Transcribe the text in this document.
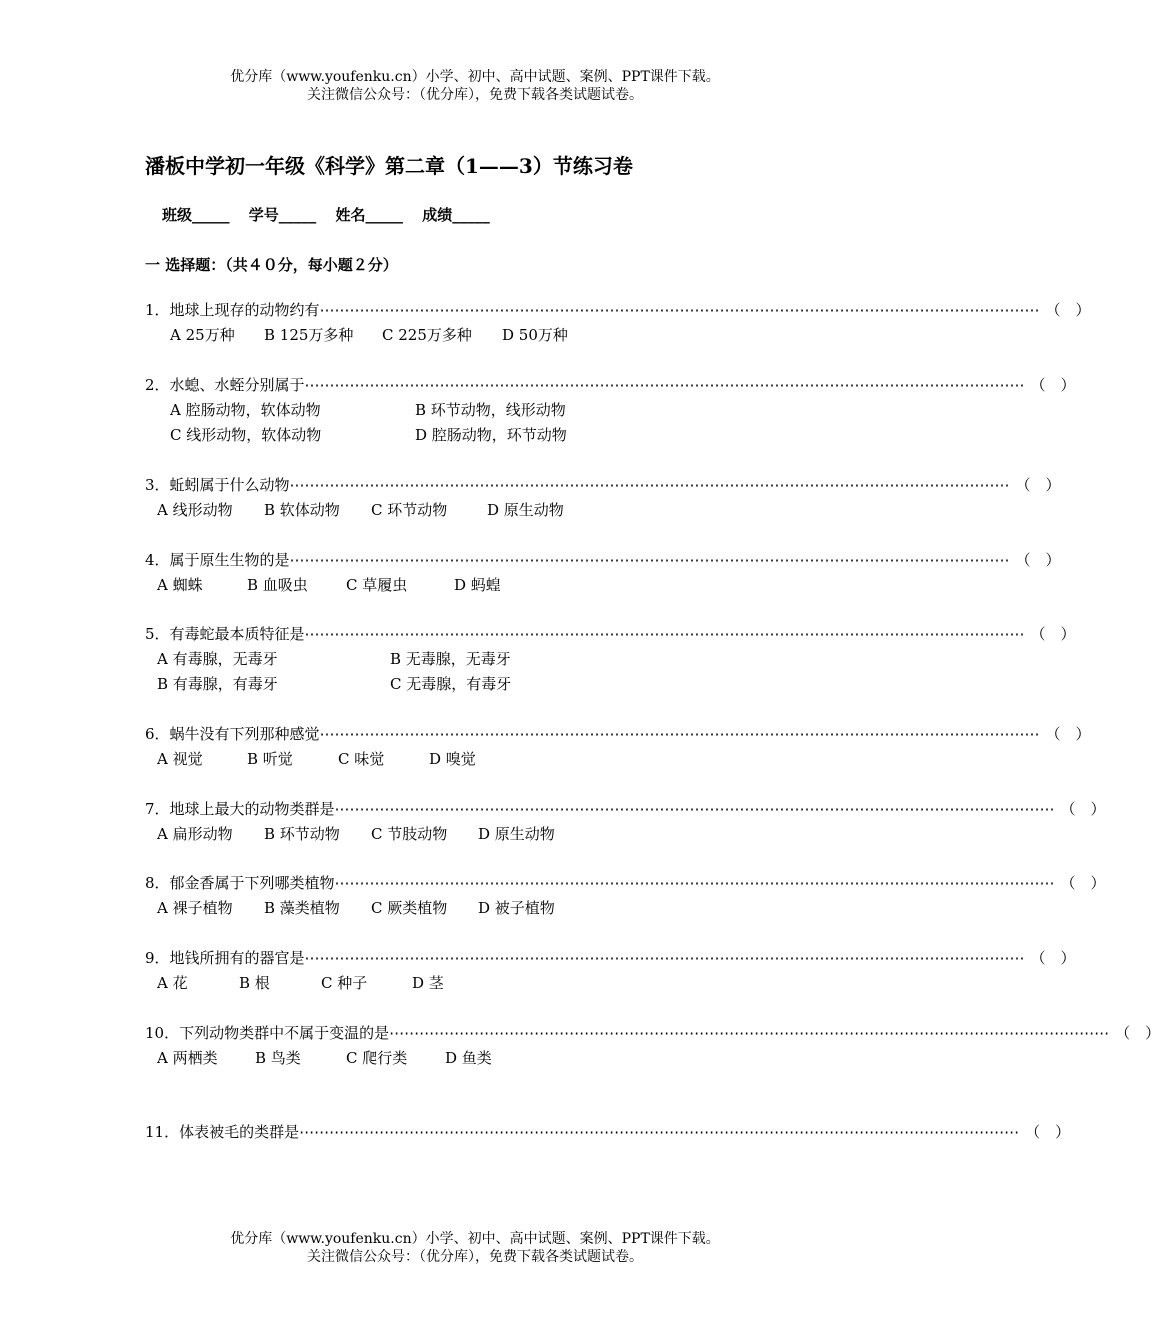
优分库（www.youfenku.cn）小学、初中、高中试题、案例、PPT课件下载。
关注微信公众号：（优分库），免费下载各类试题试卷。
潘板中学初一年级《科学》第二章（1——3）节练习卷
班级_____ 学号_____ 姓名_____ 成绩_____
一 选择题：（共４０分，每小题２分）
1．地球上现存的动物约有 ⋯⋯⋯⋯⋯⋯⋯⋯⋯⋯⋯⋯⋯⋯⋯⋯⋯⋯⋯⋯⋯⋯⋯⋯⋯⋯⋯⋯⋯⋯⋯⋯⋯⋯⋯⋯⋯⋯⋯⋯⋯⋯⋯⋯⋯⋯⋯⋯ （　）
A 25万种 B 125万多种 C 225万多种 D 50万种
2．水螅、水蛭分别属于 ⋯⋯⋯⋯⋯⋯⋯⋯⋯⋯⋯⋯⋯⋯⋯⋯⋯⋯⋯⋯⋯⋯⋯⋯⋯⋯⋯⋯⋯⋯⋯⋯⋯⋯⋯⋯⋯⋯⋯⋯⋯⋯⋯⋯⋯⋯⋯⋯ （　）
A 腔肠动物，软体动物	B 环节动物，线形动物
C 线形动物，软体动物	D 腔肠动物，环节动物
3．蚯蚓属于什么动物 ⋯⋯⋯⋯⋯⋯⋯⋯⋯⋯⋯⋯⋯⋯⋯⋯⋯⋯⋯⋯⋯⋯⋯⋯⋯⋯⋯⋯⋯⋯⋯⋯⋯⋯⋯⋯⋯⋯⋯⋯⋯⋯⋯⋯⋯⋯⋯⋯ （　）
A 线形动物 B 软体动物 C 环节动物	D 原生动物
4．属于原生生物的是 ⋯⋯⋯⋯⋯⋯⋯⋯⋯⋯⋯⋯⋯⋯⋯⋯⋯⋯⋯⋯⋯⋯⋯⋯⋯⋯⋯⋯⋯⋯⋯⋯⋯⋯⋯⋯⋯⋯⋯⋯⋯⋯⋯⋯⋯⋯⋯⋯ （　）
A 蜘蛛	B 血吸虫	C 草履虫	D 蚂蝗
5．有毒蛇最本质特征是 ⋯⋯⋯⋯⋯⋯⋯⋯⋯⋯⋯⋯⋯⋯⋯⋯⋯⋯⋯⋯⋯⋯⋯⋯⋯⋯⋯⋯⋯⋯⋯⋯⋯⋯⋯⋯⋯⋯⋯⋯⋯⋯⋯⋯⋯⋯⋯⋯ （　）
A 有毒腺，无毒牙	B 无毒腺，无毒牙
B 有毒腺，有毒牙	C 无毒腺，有毒牙
6．蜗牛没有下列那种感觉 ⋯⋯⋯⋯⋯⋯⋯⋯⋯⋯⋯⋯⋯⋯⋯⋯⋯⋯⋯⋯⋯⋯⋯⋯⋯⋯⋯⋯⋯⋯⋯⋯⋯⋯⋯⋯⋯⋯⋯⋯⋯⋯⋯⋯⋯⋯⋯⋯ （　）
A 视觉	B 听觉	C 味觉	D 嗅觉
7．地球上最大的动物类群是 ⋯⋯⋯⋯⋯⋯⋯⋯⋯⋯⋯⋯⋯⋯⋯⋯⋯⋯⋯⋯⋯⋯⋯⋯⋯⋯⋯⋯⋯⋯⋯⋯⋯⋯⋯⋯⋯⋯⋯⋯⋯⋯⋯⋯⋯⋯⋯⋯ （　）
A 扁形动物 B 环节动物 C 节肢动物 D 原生动物
8．郁金香属于下列哪类植物 ⋯⋯⋯⋯⋯⋯⋯⋯⋯⋯⋯⋯⋯⋯⋯⋯⋯⋯⋯⋯⋯⋯⋯⋯⋯⋯⋯⋯⋯⋯⋯⋯⋯⋯⋯⋯⋯⋯⋯⋯⋯⋯⋯⋯⋯⋯⋯⋯ （　）
A 裸子植物 B 藻类植物 C 厥类植物 D 被子植物
9．地钱所拥有的器官是 ⋯⋯⋯⋯⋯⋯⋯⋯⋯⋯⋯⋯⋯⋯⋯⋯⋯⋯⋯⋯⋯⋯⋯⋯⋯⋯⋯⋯⋯⋯⋯⋯⋯⋯⋯⋯⋯⋯⋯⋯⋯⋯⋯⋯⋯⋯⋯⋯ （　）
A 花	B 根	C 种子	D 茎
10．下列动物类群中不属于变温的是 ⋯⋯⋯⋯⋯⋯⋯⋯⋯⋯⋯⋯⋯⋯⋯⋯⋯⋯⋯⋯⋯⋯⋯⋯⋯⋯⋯⋯⋯⋯⋯⋯⋯⋯⋯⋯⋯⋯⋯⋯⋯⋯⋯⋯⋯⋯⋯⋯ （　）
A 两栖类 B 鸟类	C 爬行类	D 鱼类
11．体表被毛的类群是 ⋯⋯⋯⋯⋯⋯⋯⋯⋯⋯⋯⋯⋯⋯⋯⋯⋯⋯⋯⋯⋯⋯⋯⋯⋯⋯⋯⋯⋯⋯⋯⋯⋯⋯⋯⋯⋯⋯⋯⋯⋯⋯⋯⋯⋯⋯⋯⋯ （　）
优分库（www.youfenku.cn）小学、初中、高中试题、案例、PPT课件下载。
关注微信公众号：（优分库），免费下载各类试题试卷。
